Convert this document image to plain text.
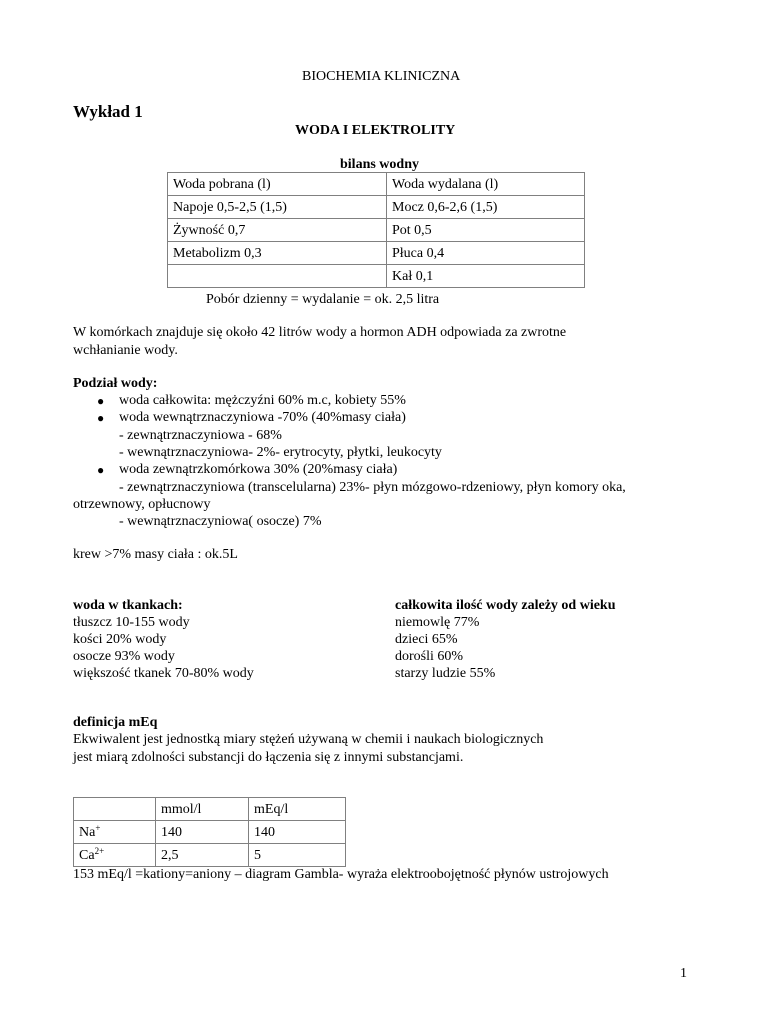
BIOCHEMIA KLINICZNA
Wykład 1
WODA I ELEKTROLITY
bilans wodny
Woda pobrana (l)	Woda wydalana (l)
Napoje 0,5-2,5 (1,5)	Mocz 0,6-2,6 (1,5)
Żywność 0,7	Pot 0,5
Metabolizm 0,3	Płuca 0,4
	Kał 0,1
Pobór dzienny = wydalanie = ok. 2,5 litra
W komórkach znajduje się około 42 litrów wody a hormon ADH odpowiada za zwrotne
wchłanianie wody.
Podział wody:
● woda całkowita: mężczyźni 60% m.c, kobiety 55%
● woda wewnątrznaczyniowa -70% (40%masy ciała)
- zewnątrznaczyniowa - 68%
- wewnątrznaczyniowa- 2%- erytrocyty, płytki, leukocyty
● woda zewnątrzkomórkowa 30% (20%masy ciała)
- zewnątrznaczyniowa (transcelularna) 23%- płyn mózgowo-rdzeniowy, płyn komory oka,
otrzewnowy, opłucnowy
- wewnątrznaczyniowa( osocze) 7%
krew >7% masy ciała : ok.5L
woda w tkankach:
tłuszcz 10-155 wody
kości 20% wody
osocze 93% wody
większość tkanek 70-80% wody
całkowita ilość wody zależy od wieku
niemowlę 77%
dzieci 65%
dorośli 60%
starzy ludzie 55%
definicja mEq
Ekwiwalent jest jednostką miary stężeń używaną w chemii i naukach biologicznych
jest miarą zdolności substancji do łączenia się z innymi substancjami.
	mmol/l	mEq/l
Na+	140	140
$Ca^{2+}$	2,5	5
153 mEq/l =kationy=aniony – diagram Gambla- wyraża elektroobojętność płynów ustrojowych
1
